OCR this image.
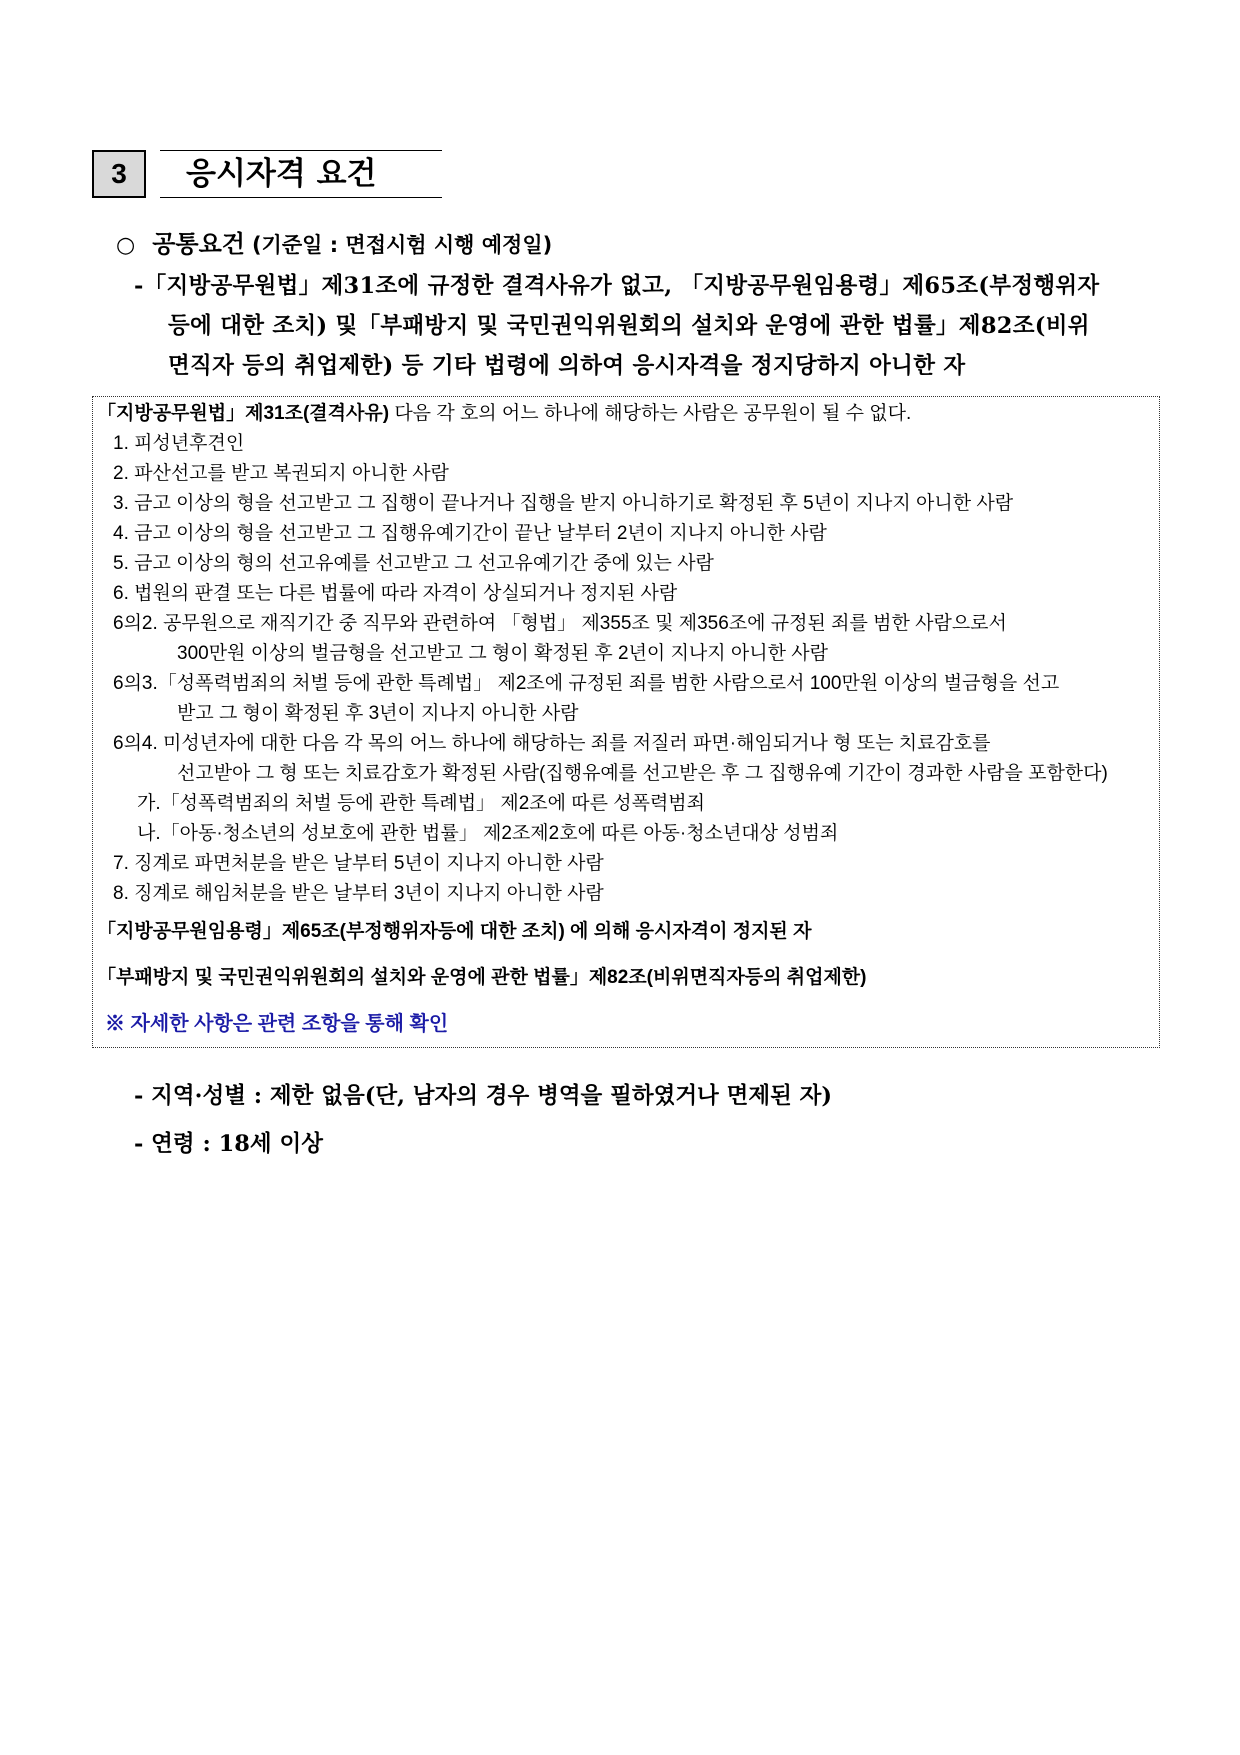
3	응시자격 요건
○ 공통요건 (기준일 : 면접시험 시행 예정일)
-「지방공무원법」제31조에 규정한 결격사유가 없고, 「지방공무원임용령」제65조(부정행위자
등에 대한 조치) 및「부패방지 및 국민권익위원회의 설치와 운영에 관한 법률」제82조(비위
면직자 등의 취업제한) 등 기타 법령에 의하여 응시자격을 정지당하지 아니한 자
「지방공무원법」제31조(결격사유) 다음 각 호의 어느 하나에 해당하는 사람은 공무원이 될 수 없다.
1. 피성년후견인
2. 파산선고를 받고 복권되지 아니한 사람
3. 금고 이상의 형을 선고받고 그 집행이 끝나거나 집행을 받지 아니하기로 확정된 후 5년이 지나지 아니한 사람
4. 금고 이상의 형을 선고받고 그 집행유예기간이 끝난 날부터 2년이 지나지 아니한 사람
5. 금고 이상의 형의 선고유예를 선고받고 그 선고유예기간 중에 있는 사람
6. 법원의 판결 또는 다른 법률에 따라 자격이 상실되거나 정지된 사람
6의2. 공무원으로 재직기간 중 직무와 관련하여 「형법」 제355조 및 제356조에 규정된 죄를 범한 사람으로서
300만원 이상의 벌금형을 선고받고 그 형이 확정된 후 2년이 지나지 아니한 사람
6의3.「성폭력범죄의 처벌 등에 관한 특례법」 제2조에 규정된 죄를 범한 사람으로서 100만원 이상의 벌금형을 선고
받고 그 형이 확정된 후 3년이 지나지 아니한 사람
6의4. 미성년자에 대한 다음 각 목의 어느 하나에 해당하는 죄를 저질러 파면·해임되거나 형 또는 치료감호를
선고받아 그 형 또는 치료감호가 확정된 사람(집행유예를 선고받은 후 그 집행유예 기간이 경과한 사람을 포함한다)
가.「성폭력범죄의 처벌 등에 관한 특례법」 제2조에 따른 성폭력범죄
나.「아동·청소년의 성보호에 관한 법률」 제2조제2호에 따른 아동·청소년대상 성범죄
7. 징계로 파면처분을 받은 날부터 5년이 지나지 아니한 사람
8. 징계로 해임처분을 받은 날부터 3년이 지나지 아니한 사람
「지방공무원임용령」제65조(부정행위자등에 대한 조치) 에 의해 응시자격이 정지된 자
「부패방지 및 국민권익위원회의 설치와 운영에 관한 법률」제82조(비위면직자등의 취업제한)
※ 자세한 사항은 관련 조항을 통해 확인
- 지역·성별 : 제한 없음(단, 남자의 경우 병역을 필하였거나 면제된 자)
- 연령 : 18세 이상
